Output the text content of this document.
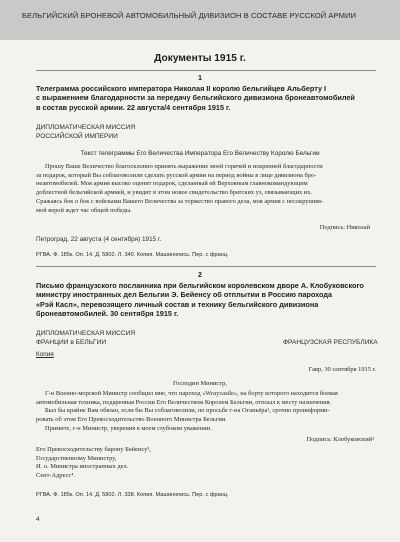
БЕЛЬГИЙСКИЙ БРОНЕВОЙ АВТОМОБИЛЬНЫЙ ДИВИЗИОН В СОСТАВЕ РУССКОЙ АРМИИ
Документы 1915 г.
1
Телеграмма российского императора Николая II королю бельгийцев Альберту I
с выражением благодарности за передачу бельгийского дивизиона бронеавтомобилей
в состав русской армии. 22 августа/4 сентября 1915 г.
ДИПЛОМАТИЧЕСКАЯ МИССИЯ
РОССИЙСКОЙ ИМПЕРИИ
Текст телеграммы Его Величества Императора Его Величеству Королю Бельгии
Прошу Ваше Величество благосклонно принять выражение моей горячей и искренней благодарности
за подарок, который Вы соблаговолили сделать русской армии на период войны в лице дивизиона бро-
неавтомобилей. Моя армия высоко оценит подарок, сделанный ей Верховным главнокомандующим
доблестной бельгийской армией, и увидит в этом новое свидетельство братских уз, связывающих их.
Сражаясь бок о бок с войсками Вашего Величества за торжество правого дела, моя армия с несокрушим-
мой верой ждет час общей победы.
Подпись: Николай
Петроград, 22 августа (4 сентября) 1915 г.
РГВА. Ф. 185к. Оп. 14. Д. 5802. Л. 340. Копия. Машинопись. Пер. с франц.
2
Письмо французского посланника при бельгийском королевском дворе А. Клобуковского
министру иностранных дел Бельгии Э. Бейенсу об отплытии в Россию парохода
«Рэй Касл», перевозящего личный состав и технику бельгийского дивизиона
бронеавтомобилей. 30 сентября 1915 г.
ДИПЛОМАТИЧЕСКАЯ МИССИЯ
ФРАНЦИИ в БЕЛЬГИИ	ФРАНЦУЗСКАЯ РЕСПУБЛИКА
Копия
Гавр, 30 сентября 1915 г.
Господин Министр,
Г-н Военно-морской Министр сообщил мне, что пароход «Wraycastle», на борту которого находится боевая
автомобильная техника, подаренная России Его Величеством Королем Бельгии, отплыл к месту назначения.
Был бы крайне Вам обязан, если бы Вы соблаговолили, по просьбе г-на Оганьёра¹, срочно проинформи-
ровать об этом Его Превосходительство Военного Министра Бельгии.
Примите, г-н Министр, уверения в моем глубоком уважении.
Подпись: Клобуковский²
Его Превосходительству барону Бейенсу³,
Государственному Министру,
И. о. Министра иностранных дел.
Сент-Адресс⁴.
РГВА. Ф. 185к. Оп. 14. Д. 5802. Л. 338. Копия. Машинопись. Пер. с франц.
4
